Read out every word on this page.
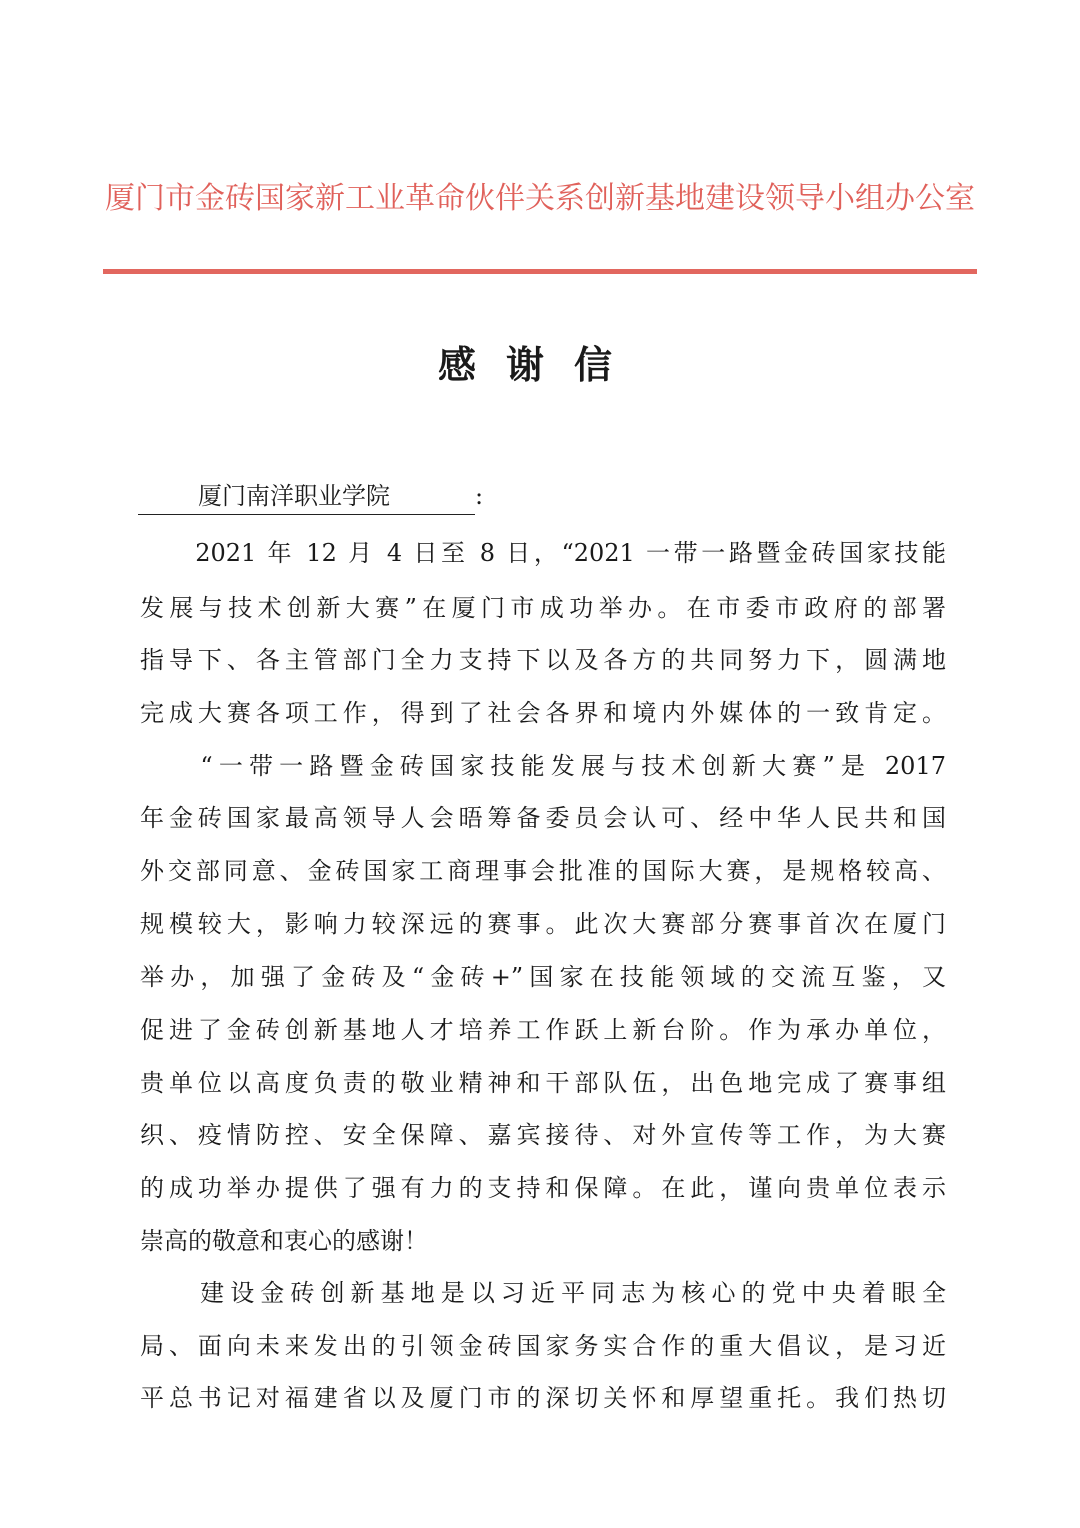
厦门市金砖国家新工业革命伙伴关系创新基地建设领导小组办公室
感谢信
厦门南洋职业学院	:
　　2021 年 12 月 4 日至 8 日，“2021 一带一路暨金砖国家技能
发展与技术创新大赛”在厦门市成功举办。在市委市政府的部署
指导下、各主管部门全力支持下以及各方的共同努力下，圆满地
完成大赛各项工作，得到了社会各界和境内外媒体的一致肯定。
　　“一带一路暨金砖国家技能发展与技术创新大赛”是 2017
年金砖国家最高领导人会晤筹备委员会认可、经中华人民共和国
外交部同意、金砖国家工商理事会批准的国际大赛，是规格较高、
规模较大，影响力较深远的赛事。此次大赛部分赛事首次在厦门
举办，加强了金砖及“金砖+”国家在技能领域的交流互鉴，又
促进了金砖创新基地人才培养工作跃上新台阶。作为承办单位，
贵单位以高度负责的敬业精神和干部队伍，出色地完成了赛事组
织、疫情防控、安全保障、嘉宾接待、对外宣传等工作，为大赛
的成功举办提供了强有力的支持和保障。在此，谨向贵单位表示
崇高的敬意和衷心的感谢！
　　建设金砖创新基地是以习近平同志为核心的党中央着眼全
局、面向未来发出的引领金砖国家务实合作的重大倡议，是习近
平总书记对福建省以及厦门市的深切关怀和厚望重托。我们热切
